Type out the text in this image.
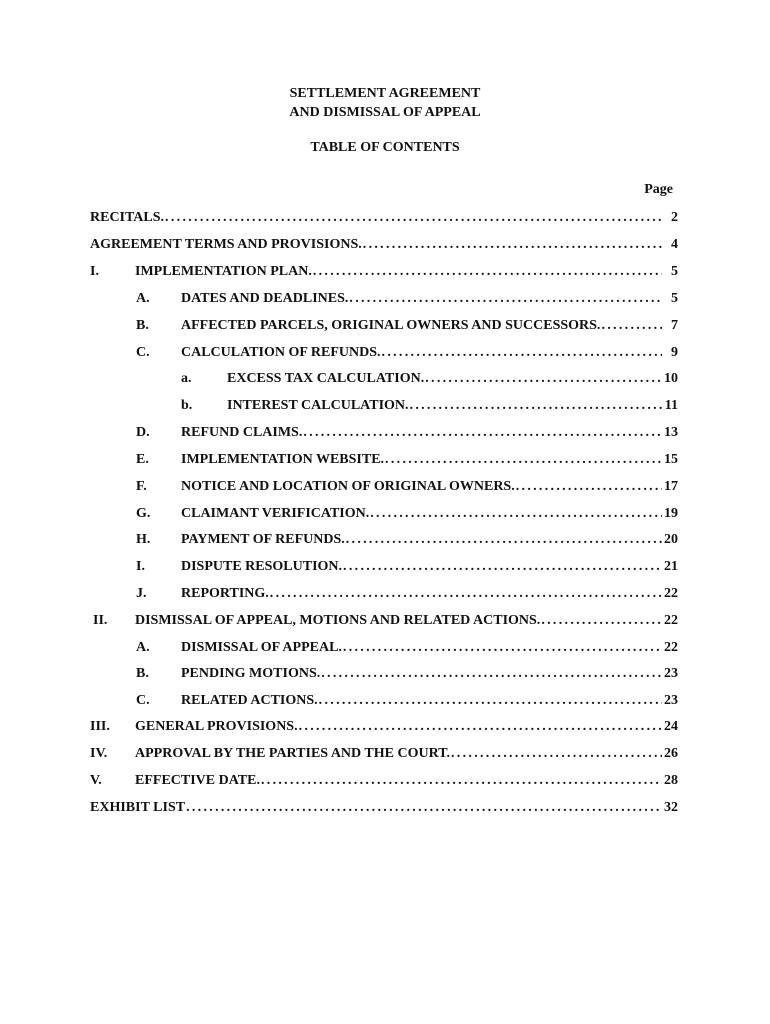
SETTLEMENT AGREEMENT
AND DISMISSAL OF APPEAL
TABLE OF CONTENTS
Page
RECITALS. . . .	2
AGREEMENT TERMS AND PROVISIONS. . . .	4
I.	IMPLEMENTATION PLAN. . . .	5
A.	DATES AND DEADLINES. . . .	5
B.	AFFECTED PARCELS, ORIGINAL OWNERS AND SUCCESSORS. . . .	7
C.	CALCULATION OF REFUNDS. . . .	9
a.	EXCESS TAX CALCULATION. . . .	10
b.	INTEREST CALCULATION. . . .	11
D.	REFUND CLAIMS. . . .	13
E.	IMPLEMENTATION WEBSITE. . . .	15
F.	NOTICE AND LOCATION OF ORIGINAL OWNERS. . . .	17
G.	CLAIMANT VERIFICATION. . . .	19
H.	PAYMENT OF REFUNDS. . . .	20
I.	DISPUTE RESOLUTION. . . .	21
J.	REPORTING. . . .	22
II.	DISMISSAL OF APPEAL, MOTIONS AND RELATED ACTIONS. . . .	22
A.	DISMISSAL OF APPEAL. . . .	22
B.	PENDING MOTIONS. . . .	23
C.	RELATED ACTIONS. . . .	23
III.	GENERAL PROVISIONS. . . .	24
IV.	APPROVAL BY THE PARTIES AND THE COURT. . . .	26
V.	EFFECTIVE DATE. . . .	28
EXHIBIT LIST . . .	32
